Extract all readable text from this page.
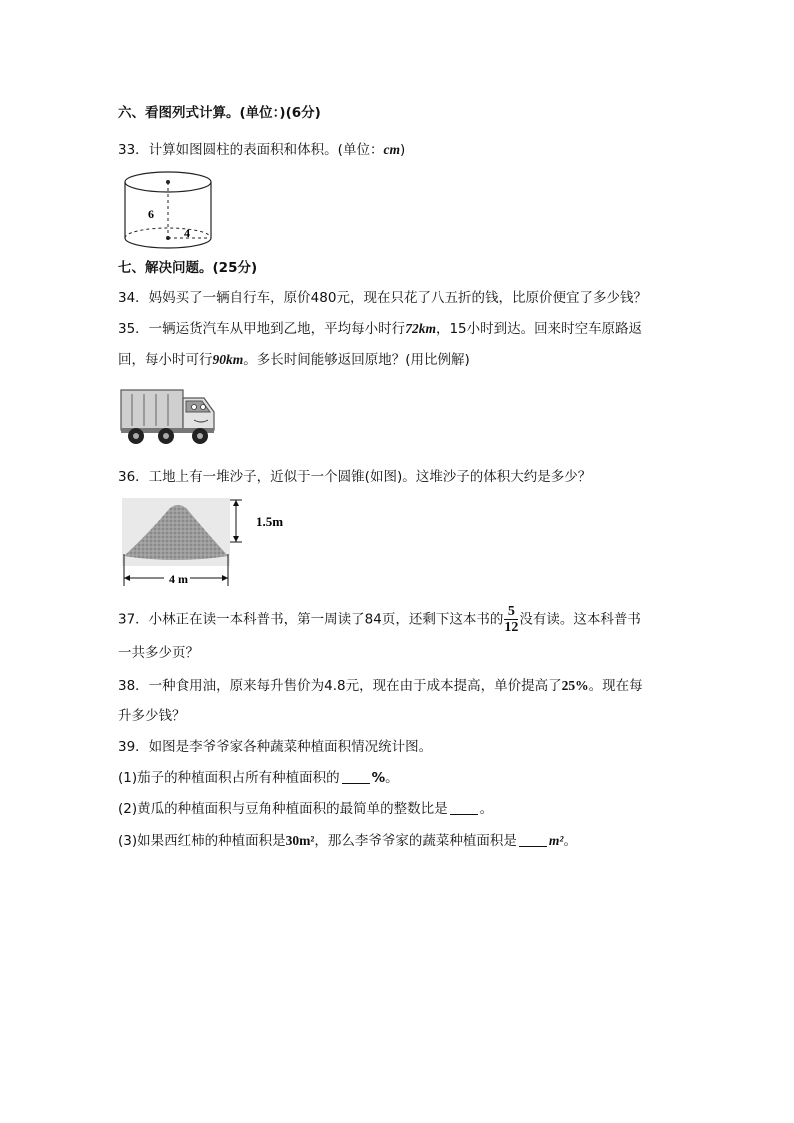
六、看图列式计算。(单位：)(6分)
33．计算如图圆柱的表面积和体积。(单位：cm)
6
4
七、解决问题。(25分)
34．妈妈买了一辆自行车，原价480元，现在只花了八五折的钱，比原价便宜了多少钱？
35．一辆运货汽车从甲地到乙地，平均每小时行72km，15小时到达。回来时空车原路返
回，每小时可行90km。多长时间能够返回原地？(用比例解)
36．工地上有一堆沙子，近似于一个圆锥(如图)。这堆沙子的体积大约是多少？
1.5m
4 m
37．小林正在读一本科普书，第一周读了84页，还剩下这本书的 $\frac{5}{12}$ 没有读。这本科普书
一共多少页？
38．一种食用油，原来每升售价为4.8元，现在由于成本提高，单价提高了25%。现在每
升多少钱？
39．如图是李爷爷家各种蔬菜种植面积情况统计图。
(1)茄子的种植面积占所有种植面积的 %。
(2)黄瓜的种植面积与豆角种植面积的最简单的整数比是 。
(3)如果西红柿的种植面积是30m²，那么李爷爷家的蔬菜种植面积是 m²。
